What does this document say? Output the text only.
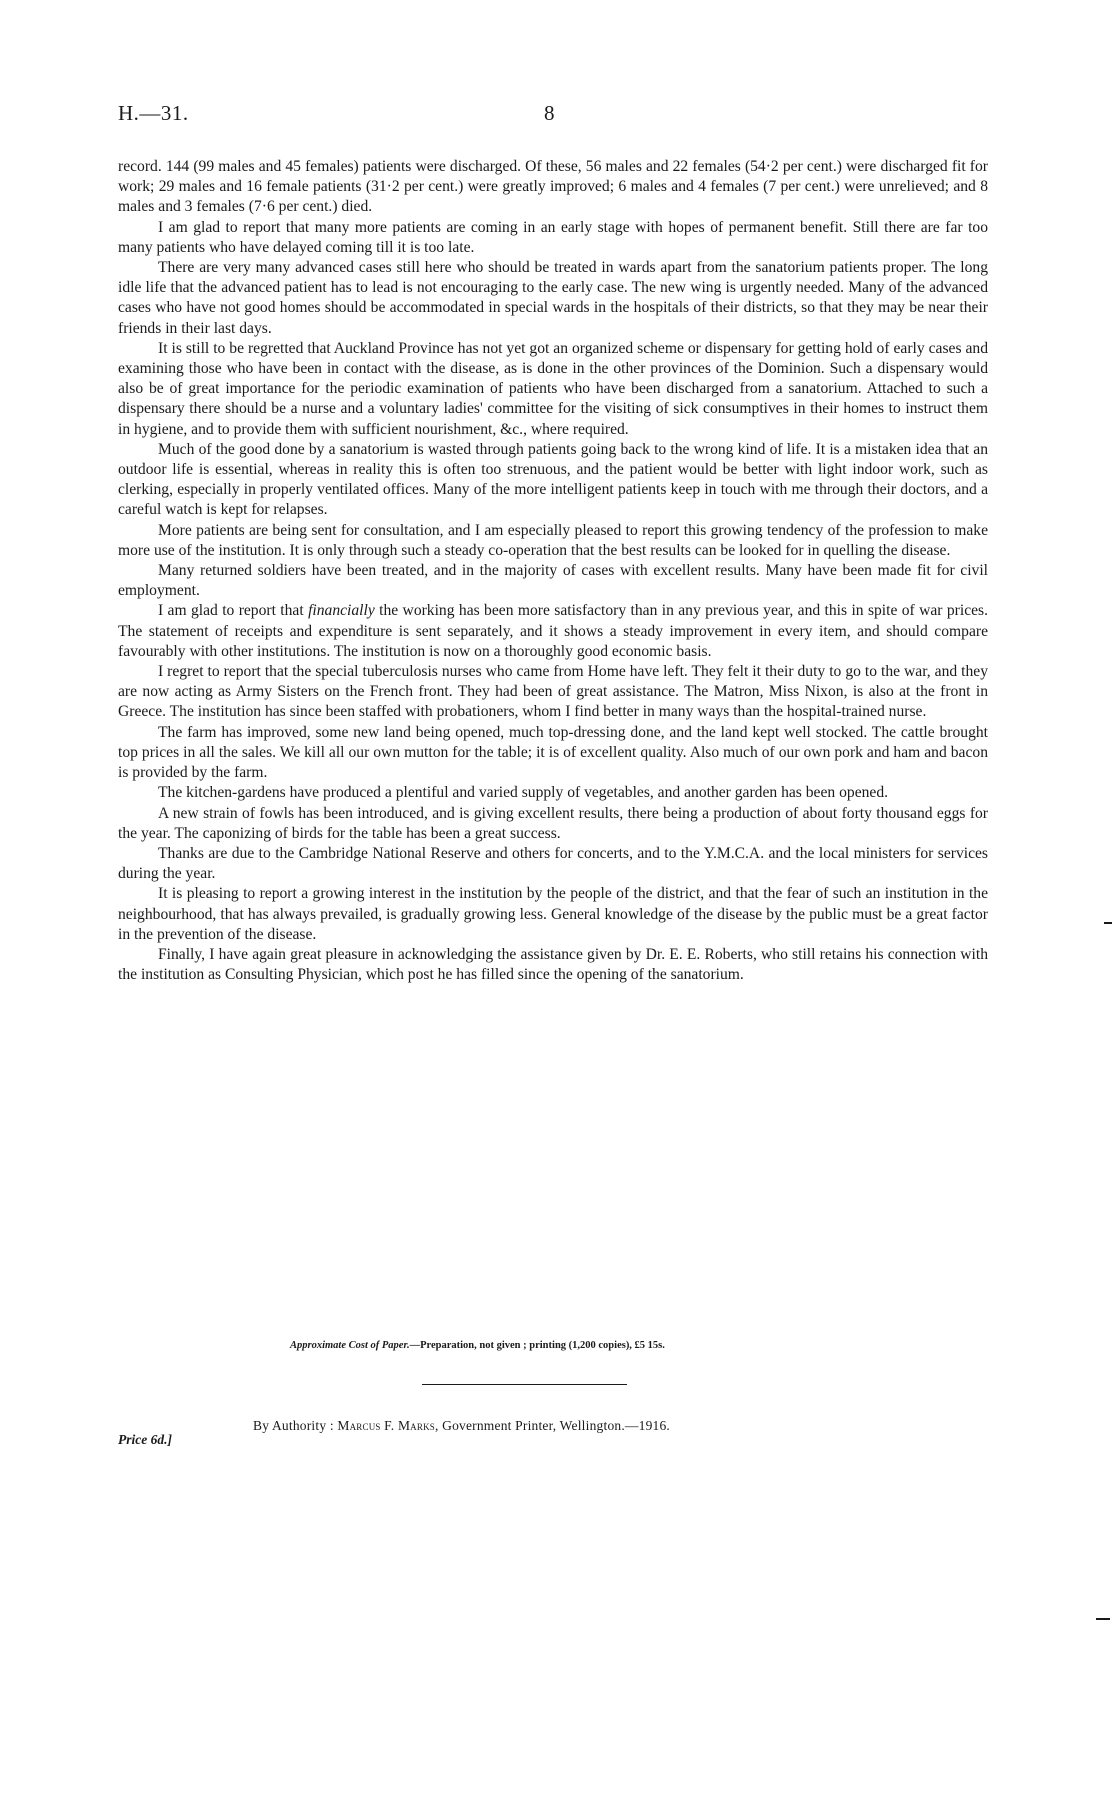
H.—31.	8

record. 144 (99 males and 45 females) patients were discharged. Of these, 56 males and 22 females (54·2 per cent.) were discharged fit for work; 29 males and 16 female patients (31·2 per cent.) were greatly improved; 6 males and 4 females (7 per cent.) were unrelieved; and 8 males and 3 females (7·6 per cent.) died.

I am glad to report that many more patients are coming in an early stage with hopes of permanent benefit. Still there are far too many patients who have delayed coming till it is too late.

There are very many advanced cases still here who should be treated in wards apart from the sanatorium patients proper. The long idle life that the advanced patient has to lead is not encouraging to the early case. The new wing is urgently needed. Many of the advanced cases who have not good homes should be accommodated in special wards in the hospitals of their districts, so that they may be near their friends in their last days.

It is still to be regretted that Auckland Province has not yet got an organized scheme or dispensary for getting hold of early cases and examining those who have been in contact with the disease, as is done in the other provinces of the Dominion. Such a dispensary would also be of great importance for the periodic examination of patients who have been discharged from a sanatorium. Attached to such a dispensary there should be a nurse and a voluntary ladies' committee for the visiting of sick consumptives in their homes to instruct them in hygiene, and to provide them with sufficient nourishment, &c., where required.

Much of the good done by a sanatorium is wasted through patients going back to the wrong kind of life. It is a mistaken idea that an outdoor life is essential, whereas in reality this is often too strenuous, and the patient would be better with light indoor work, such as clerking, especially in properly ventilated offices. Many of the more intelligent patients keep in touch with me through their doctors, and a careful watch is kept for relapses.

More patients are being sent for consultation, and I am especially pleased to report this growing tendency of the profession to make more use of the institution. It is only through such a steady co-operation that the best results can be looked for in quelling the disease.

Many returned soldiers have been treated, and in the majority of cases with excellent results. Many have been made fit for civil employment.

I am glad to report that financially the working has been more satisfactory than in any previous year, and this in spite of war prices. The statement of receipts and expenditure is sent separately, and it shows a steady improvement in every item, and should compare favourably with other institutions. The institution is now on a thoroughly good economic basis.

I regret to report that the special tuberculosis nurses who came from Home have left. They felt it their duty to go to the war, and they are now acting as Army Sisters on the French front. They had been of great assistance. The Matron, Miss Nixon, is also at the front in Greece. The institution has since been staffed with probationers, whom I find better in many ways than the hospital-trained nurse.

The farm has improved, some new land being opened, much top-dressing done, and the land kept well stocked. The cattle brought top prices in all the sales. We kill all our own mutton for the table; it is of excellent quality. Also much of our own pork and ham and bacon is provided by the farm.

The kitchen-gardens have produced a plentiful and varied supply of vegetables, and another garden has been opened.

A new strain of fowls has been introduced, and is giving excellent results, there being a production of about forty thousand eggs for the year. The caponizing of birds for the table has been a great success.

Thanks are due to the Cambridge National Reserve and others for concerts, and to the Y.M.C.A. and the local ministers for services during the year.

It is pleasing to report a growing interest in the institution by the people of the district, and that the fear of such an institution in the neighbourhood, that has always prevailed, is gradually growing less. General knowledge of the disease by the public must be a great factor in the prevention of the disease.

Finally, I have again great pleasure in acknowledging the assistance given by Dr. E. E. Roberts, who still retains his connection with the institution as Consulting Physician, which post he has filled since the opening of the sanatorium.

Approximate Cost of Paper.—Preparation, not given ; printing (1,200 copies), £5 15s.
By Authority : Marcus F. Marks, Government Printer, Wellington.—1916.
Price 6d.]
